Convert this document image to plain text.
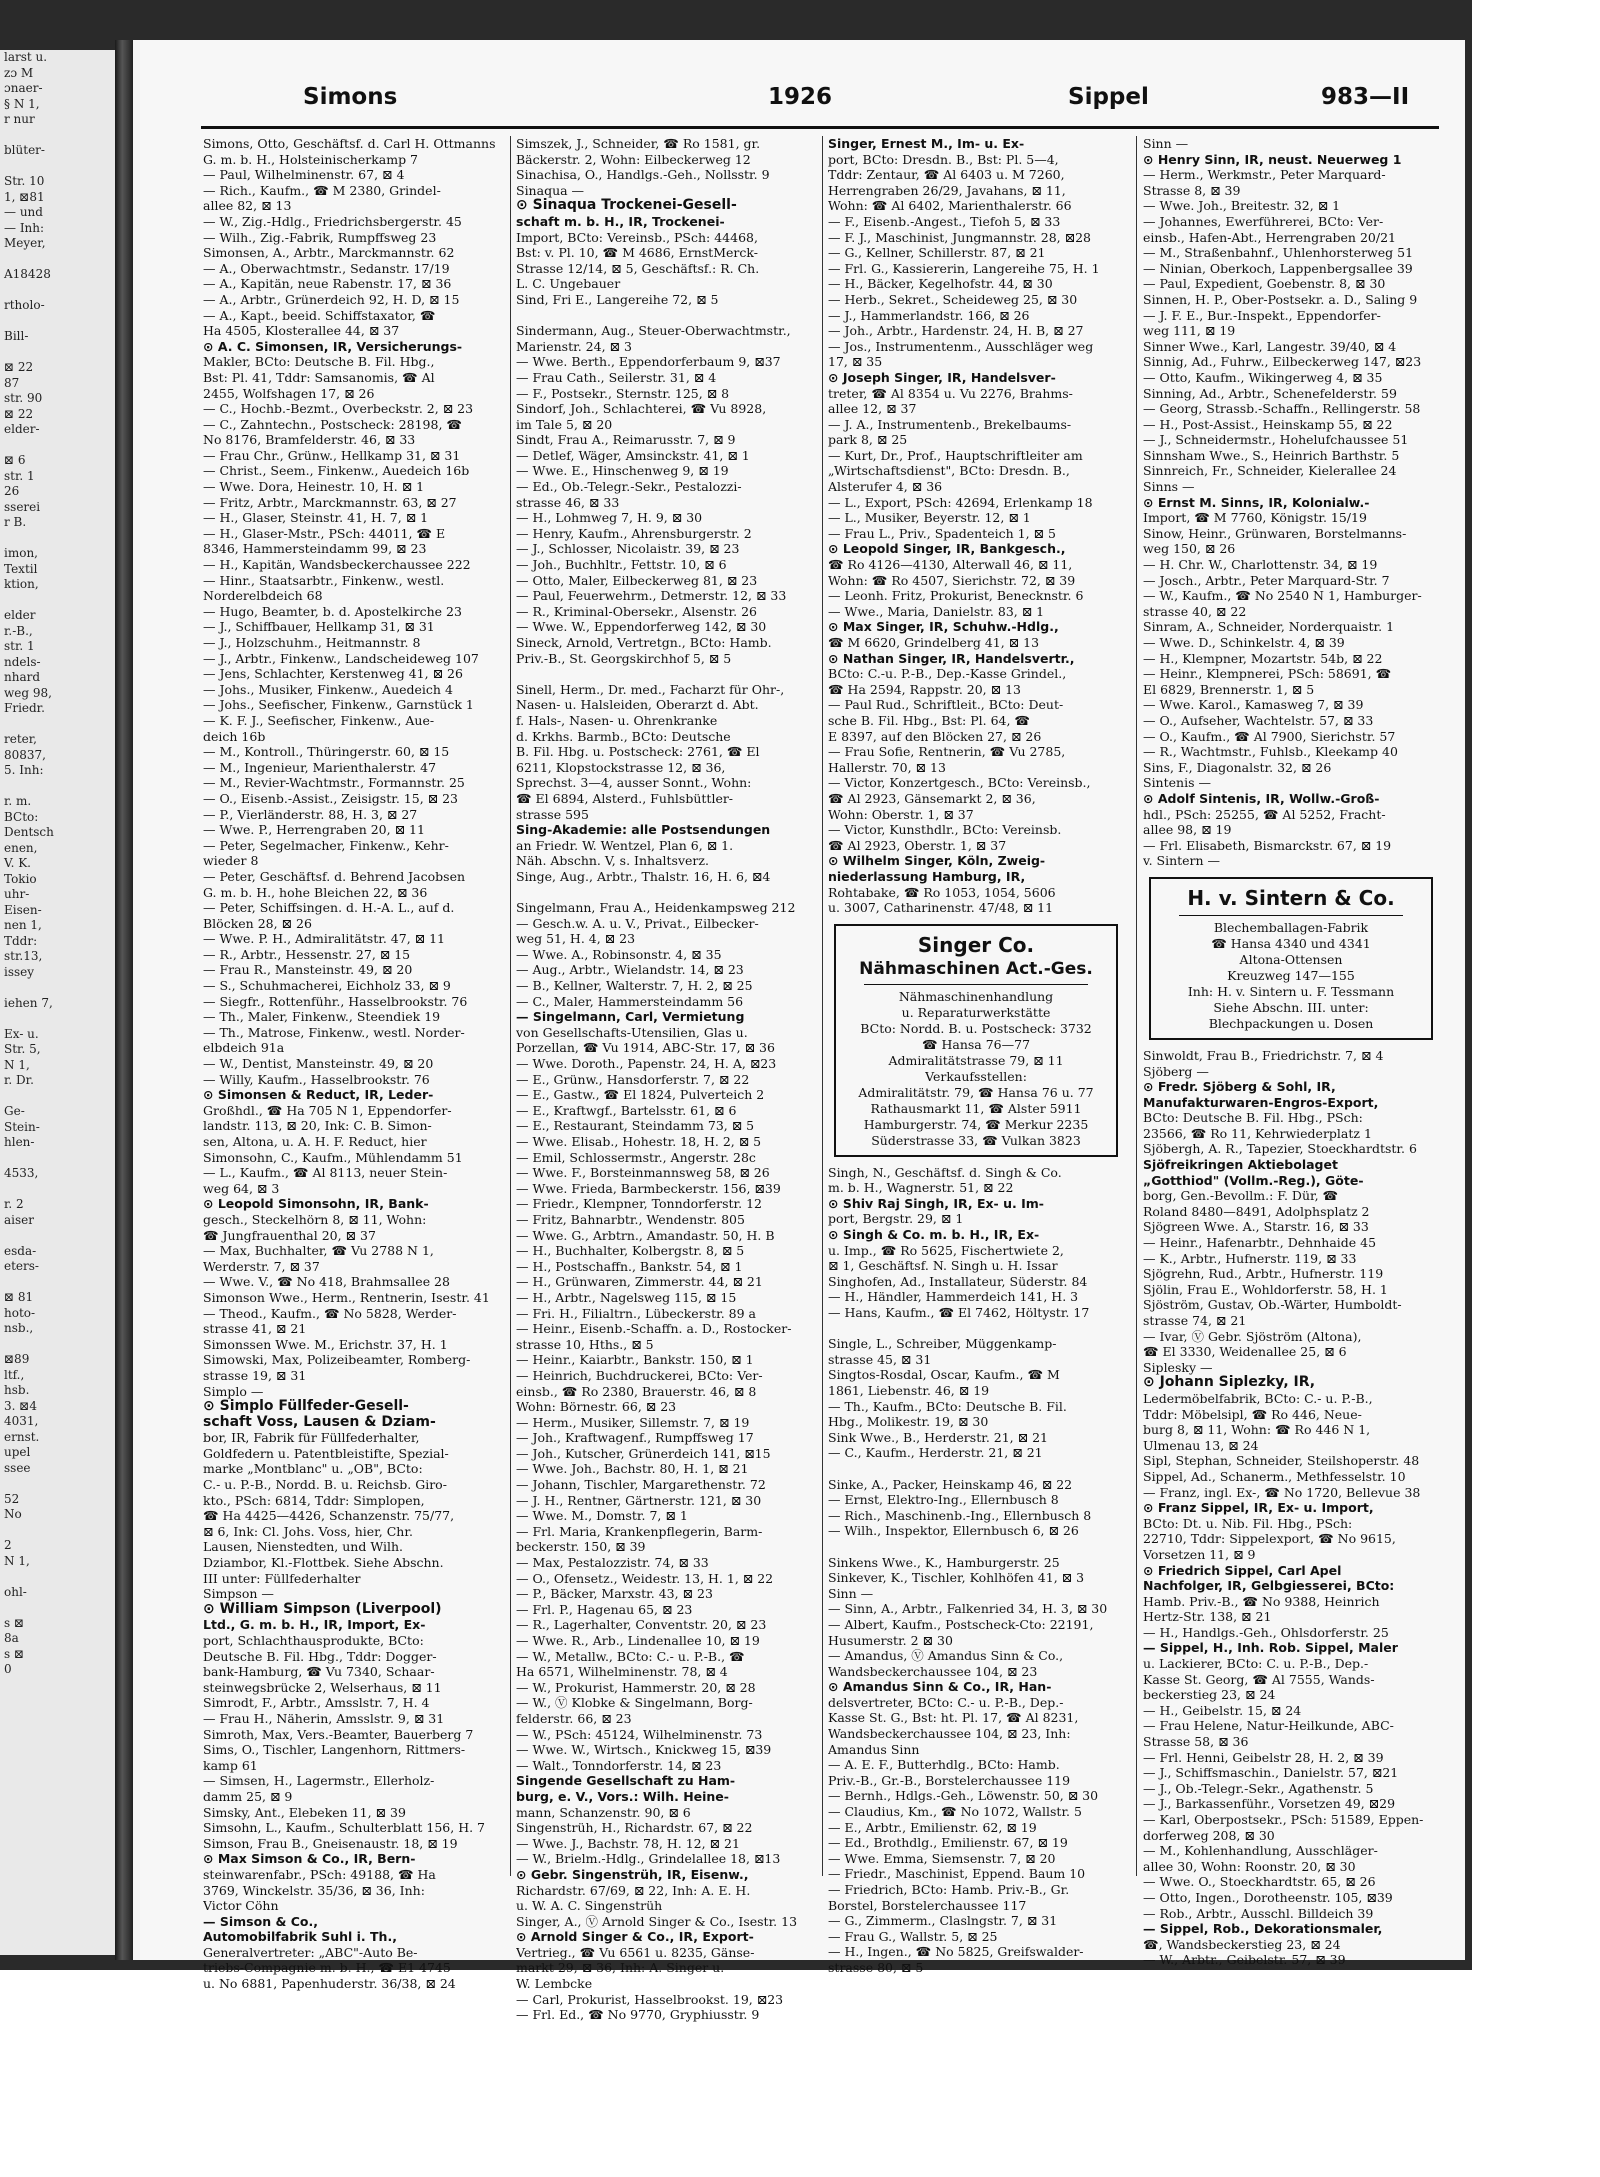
larst u.
zɔ M
ɔnaer-
§ N 1,
r nur

blüter-

Str. 10
1, ⊠81
— und
— Inh:
Meyer,

A18428

rtholo-

Bill-

⊠ 22
87
str. 90
⊠ 22
elder-

⊠ 6
str. 1
26
sserei
r B.

imon,
Textil
ktion,

elder
r.-B.,
str. 1
ndels-
nhard
weg 98,
Friedr.

reter,
80837,
5. Inh:

r. m.
BCto:
Dentsch
enen,
V. K.
Tokio
uhr-
Eisen-
nen 1,
Tddr:
str.13,
issey

iehen 7,

Ex- u.
Str. 5,
N 1,
r. Dr.

Ge-
Stein-
hlen-

4533,

r. 2
aiser

esda-
eters-

⊠ 81
hoto-
nsb.,

⊠89
ltf.,
hsb.
3. ⊠4
4031,
ernst.
upel
ssee

52
No

2
N 1,

ohl-

s ⊠
8a
s ⊠
0
Simons	1926	Sippel	983—II
Simons, Otto, Geschäftsf. d. Carl H. Ottmanns
G. m. b. H., Holsteinischerkamp 7
— Paul, Wilhelminenstr. 67, ⊠ 4
— Rich., Kaufm., ☎ M 2380, Grindel-
allee 82, ⊠ 13
— W., Zig.-Hdlg., Friedrichsbergerstr. 45
— Wilh., Zig.-Fabrik, Rumpffsweg 23
Simonsen, A., Arbtr., Marckmannstr. 62
— A., Oberwachtmstr., Sedanstr. 17/19
— A., Kapitän, neue Rabenstr. 17, ⊠ 36
— A., Arbtr., Grünerdeich 92, H. D, ⊠ 15
— A., Kapt., beeid. Schiffstaxator, ☎
Ha 4505, Klosterallee 44, ⊠ 37
⊙ A. C. Simonsen, IR, Versicherungs-
Makler, BCto: Deutsche B. Fil. Hbg.,
Bst: Pl. 41, Tddr: Samsanomis, ☎ Al
2455, Wolfshagen 17, ⊠ 26
— C., Hochb.-Bezmt., Overbeckstr. 2, ⊠ 23
— C., Zahntechn., Postscheck: 28198, ☎
No 8176, Bramfelderstr. 46, ⊠ 33
— Frau Chr., Grünw., Hellkamp 31, ⊠ 31
— Christ., Seem., Finkenw., Auedeich 16b
— Wwe. Dora, Heinestr. 10, H. ⊠ 1
— Fritz, Arbtr., Marckmannstr. 63, ⊠ 27
— H., Glaser, Steinstr. 41, H. 7, ⊠ 1
— H., Glaser-Mstr., PSch: 44011, ☎ E
8346, Hammersteindamm 99, ⊠ 23
— H., Kapitän, Wandsbeckerchaussee 222
— Hinr., Staatsarbtr., Finkenw., westl.
Norderelbdeich 68
— Hugo, Beamter, b. d. Apostelkirche 23
— J., Schiffbauer, Hellkamp 31, ⊠ 31
— J., Holzschuhm., Heitmannstr. 8
— J., Arbtr., Finkenw., Landscheideweg 107
— Jens, Schlachter, Kerstenweg 41, ⊠ 26
— Johs., Musiker, Finkenw., Auedeich 4
— Johs., Seefischer, Finkenw., Garnstück 1
— K. F. J., Seefischer, Finkenw., Aue-
deich 16b
— M., Kontroll., Thüringerstr. 60, ⊠ 15
— M., Ingenieur, Marienthalerstr. 47
— M., Revier-Wachtmstr., Formannstr. 25
— O., Eisenb.-Assist., Zeisigstr. 15, ⊠ 23
— P., Vierländerstr. 88, H. 3, ⊠ 27
— Wwe. P., Herrengraben 20, ⊠ 11
— Peter, Segelmacher, Finkenw., Kehr-
wieder 8
— Peter, Geschäftsf. d. Behrend Jacobsen
G. m. b. H., hohe Bleichen 22, ⊠ 36
— Peter, Schiffsingen. d. H.-A. L., auf d.
Blöcken 28, ⊠ 26
— Wwe. P. H., Admiralitätstr. 47, ⊠ 11
— R., Arbtr., Hessenstr. 27, ⊠ 15
— Frau R., Mansteinstr. 49, ⊠ 20
— S., Schuhmacherei, Eichholz 33, ⊠ 9
— Siegfr., Rottenführ., Hasselbrookstr. 76
— Th., Maler, Finkenw., Steendiek 19
— Th., Matrose, Finkenw., westl. Norder-
elbdeich 91a
— W., Dentist, Mansteinstr. 49, ⊠ 20
— Willy, Kaufm., Hasselbrookstr. 76
⊙ Simonsen & Reduct, IR, Leder-
Großhdl., ☎ Ha 705 N 1, Eppendorfer-
landstr. 113, ⊠ 20, Ink: C. B. Simon-
sen, Altona, u. A. H. F. Reduct, hier
Simonsohn, C., Kaufm., Mühlendamm 51
— L., Kaufm., ☎ Al 8113, neuer Stein-
weg 64, ⊠ 3
⊙ Leopold Simonsohn, IR, Bank-
gesch., Steckelhörn 8, ⊠ 11, Wohn:
☎ Jungfrauenthal 20, ⊠ 37
— Max, Buchhalter, ☎ Vu 2788 N 1,
Werderstr. 7, ⊠ 37
— Wwe. V., ☎ No 418, Brahmsallee 28
Simonson Wwe., Herm., Rentnerin, Isestr. 41
— Theod., Kaufm., ☎ No 5828, Werder-
strasse 41, ⊠ 21
Simonssen Wwe. M., Erichstr. 37, H. 1
Simowski, Max, Polizeibeamter, Romberg-
strasse 19, ⊠ 31
Simplo —
⊙ Simplo Füllfeder-Gesell-
schaft Voss, Lausen & Dziam-
bor, IR, Fabrik für Füllfederhalter,
Goldfedern u. Patentbleistifte, Spezial-
marke „Montblanc" u. „OB", BCto:
C.- u. P.-B., Nordd. B. u. Reichsb. Giro-
kto., PSch: 6814, Tddr: Simplopen,
☎ Ha 4425—4426, Schanzenstr. 75/77,
⊠ 6, Ink: Cl. Johs. Voss, hier, Chr.
Lausen, Nienstedten, und Wilh.
Dziambor, Kl.-Flottbek. Siehe Abschn.
III unter: Füllfederhalter
Simpson —
⊙ William Simpson (Liverpool)
Ltd., G. m. b. H., IR, Import, Ex-
port, Schlachthausprodukte, BCto:
Deutsche B. Fil. Hbg., Tddr: Dogger-
bank-Hamburg, ☎ Vu 7340, Schaar-
steinwegsbrücke 2, Welserhaus, ⊠ 11
Simrodt, F., Arbtr., Amsslstr. 7, H. 4
— Frau H., Näherin, Amsslstr. 9, ⊠ 31
Simroth, Max, Vers.-Beamter, Bauerberg 7
Sims, O., Tischler, Langenhorn, Rittmers-
kamp 61
— Simsen, H., Lagermstr., Ellerholz-
damm 25, ⊠ 9
Simsky, Ant., Elebeken 11, ⊠ 39
Simsohn, L., Kaufm., Schulterblatt 156, H. 7
Simson, Frau B., Gneisenaustr. 18, ⊠ 19
⊙ Max Simson & Co., IR, Bern-
steinwarenfabr., PSch: 49188, ☎ Ha
3769, Winckelstr. 35/36, ⊠ 36, Inh:
Victor Cöhn
— Simson & Co.,
Automobilfabrik Suhl i. Th.,
Generalvertreter: „ABC"-Auto Be-
triebs-Compagnie m. b. H., ☎ E1 4745
u. No 6881, Papenhuderstr. 36/38, ⊠ 24
Simszek, J., Schneider, ☎ Ro 1581, gr.
Bäckerstr. 2, Wohn: Eilbeckerweg 12
Sinachisa, O., Handlgs.-Geh., Nollsstr. 9
Sinaqua —
⊙ Sinaqua Trockenei-Gesell-
schaft m. b. H., IR, Trockenei-
Import, BCto: Vereinsb., PSch: 44468,
Bst: v. Pl. 10, ☎ M 4686, ErnstMerck-
Strasse 12/14, ⊠ 5, Geschäftsf.: R. Ch.
L. C. Ungebauer
Sind, Fri E., Langereihe 72, ⊠ 5

Sindermann, Aug., Steuer-Oberwachtmstr.,
Marienstr. 24, ⊠ 3
— Wwe. Berth., Eppendorferbaum 9, ⊠37
— Frau Cath., Seilerstr. 31, ⊠ 4
— F., Postsekr., Sternstr. 125, ⊠ 8
Sindorf, Joh., Schlachterei, ☎ Vu 8928,
im Tale 5, ⊠ 20
Sindt, Frau A., Reimarusstr. 7, ⊠ 9
— Detlef, Wäger, Amsinckstr. 41, ⊠ 1
— Wwe. E., Hinschenweg 9, ⊠ 19
— Ed., Ob.-Telegr.-Sekr., Pestalozzi-
strasse 46, ⊠ 33
— H., Lohmweg 7, H. 9, ⊠ 30
— Henry, Kaufm., Ahrensburgerstr. 2
— J., Schlosser, Nicolaistr. 39, ⊠ 23
— Joh., Buchhltr., Fettstr. 10, ⊠ 6
— Otto, Maler, Eilbeckerweg 81, ⊠ 23
— Paul, Feuerwehrm., Detmerstr. 12, ⊠ 33
— R., Kriminal-Obersekr., Alsenstr. 26
— Wwe. W., Eppendorferweg 142, ⊠ 30
Sineck, Arnold, Vertretgn., BCto: Hamb.
Priv.-B., St. Georgskirchhof 5, ⊠ 5

Sinell, Herm., Dr. med., Facharzt für Ohr-,
Nasen- u. Halsleiden, Oberarzt d. Abt.
f. Hals-, Nasen- u. Ohrenkranke
d. Krkhs. Barmb., BCto: Deutsche
B. Fil. Hbg. u. Postscheck: 2761, ☎ El
6211, Klopstockstrasse 12, ⊠ 36,
Sprechst. 3—4, ausser Sonnt., Wohn:
☎ El 6894, Alsterd., Fuhlsbüttler-
strasse 595
Sing-Akademie: alle Postsendungen
an Friedr. W. Wentzel, Plan 6, ⊠ 1.
Näh. Abschn. V, s. Inhaltsverz.
Singe, Aug., Arbtr., Thalstr. 16, H. 6, ⊠4

Singelmann, Frau A., Heidenkampsweg 212
— Gesch.w. A. u. V., Privat., Eilbecker-
weg 51, H. 4, ⊠ 23
— Wwe. A., Robinsonstr. 4, ⊠ 35
— Aug., Arbtr., Wielandstr. 14, ⊠ 23
— B., Kellner, Walterstr. 7, H. 2, ⊠ 25
— C., Maler, Hammersteindamm 56
— Singelmann, Carl, Vermietung
von Gesellschafts-Utensilien, Glas u.
Porzellan, ☎ Vu 1914, ABC-Str. 17, ⊠ 36
— Wwe. Doroth., Papenstr. 24, H. A, ⊠23
— E., Grünw., Hansdorferstr. 7, ⊠ 22
— E., Gastw., ☎ El 1824, Pulverteich 2
— E., Kraftwgf., Bartelsstr. 61, ⊠ 6
— E., Restaurant, Steindamm 73, ⊠ 5
— Wwe. Elisab., Hohestr. 18, H. 2, ⊠ 5
— Emil, Schlossermstr., Angerstr. 28c
— Wwe. F., Borsteinmannsweg 58, ⊠ 26
— Wwe. Frieda, Barmbeckerstr. 156, ⊠39
— Friedr., Klempner, Tonndorferstr. 12
— Fritz, Bahnarbtr., Wendenstr. 805
— Wwe. G., Arbtrn., Amandastr. 50, H. B
— H., Buchhalter, Kolbergstr. 8, ⊠ 5
— H., Postschaffn., Bankstr. 54, ⊠ 1
— H., Grünwaren, Zimmerstr. 44, ⊠ 21
— H., Arbtr., Nagelsweg 115, ⊠ 15
— Fri. H., Filialtrn., Lübeckerstr. 89 a
— Heinr., Eisenb.-Schaffn. a. D., Rostocker-
strasse 10, Hths., ⊠ 5
— Heinr., Kaiarbtr., Bankstr. 150, ⊠ 1
— Heinrich, Buchdruckerei, BCto: Ver-
einsb., ☎ Ro 2380, Brauerstr. 46, ⊠ 8
Wohn: Börnestr. 66, ⊠ 23
— Herm., Musiker, Sillemstr. 7, ⊠ 19
— Joh., Kraftwagenf., Rumpffsweg 17
— Joh., Kutscher, Grünerdeich 141, ⊠15
— Wwe. Joh., Bachstr. 80, H. 1, ⊠ 21
— Johann, Tischler, Margarethenstr. 72
— J. H., Rentner, Gärtnerstr. 121, ⊠ 30
— Wwe. M., Domstr. 7, ⊠ 1
— Frl. Maria, Krankenpflegerin, Barm-
beckerstr. 150, ⊠ 39
— Max, Pestalozzistr. 74, ⊠ 33
— O., Ofensetz., Weidestr. 13, H. 1, ⊠ 22
— P., Bäcker, Marxstr. 43, ⊠ 23
— Frl. P., Hagenau 65, ⊠ 23
— R., Lagerhalter, Conventstr. 20, ⊠ 23
— Wwe. R., Arb., Lindenallee 10, ⊠ 19
— W., Metallw., BCto: C.- u. P.-B., ☎
Ha 6571, Wilhelminenstr. 78, ⊠ 4
— W., Prokurist, Hammerstr. 20, ⊠ 28
— W., Ⓥ Klobke & Singelmann, Borg-
felderstr. 66, ⊠ 23
— W., PSch: 45124, Wilhelminenstr. 73
— Wwe. W., Wirtsch., Knickweg 15, ⊠39
— Walt., Tonndorferstr. 14, ⊠ 23
Singende Gesellschaft zu Ham-
burg, e. V., Vors.: Wilh. Heine-
mann, Schanzenstr. 90, ⊠ 6
Singenstrüh, H., Richardstr. 67, ⊠ 22
— Wwe. J., Bachstr. 78, H. 12, ⊠ 21
— W., Brielm.-Hdlg., Grindelallee 18, ⊠13
⊙ Gebr. Singenstrüh, IR, Eisenw.,
Richardstr. 67/69, ⊠ 22, Inh: A. E. H.
u. W. A. C. Singenstrüh
Singer, A., Ⓥ Arnold Singer & Co., Isestr. 13
⊙ Arnold Singer & Co., IR, Export-
Vertrieg., ☎ Vu 6561 u. 8235, Gänse-
markt 29, ⊠ 36, Inh: A. Singer u.
W. Lembcke
— Carl, Prokurist, Hasselbrookst. 19, ⊠23
— Frl. Ed., ☎ No 9770, Gryphiusstr. 9
Singer, Ernest M., Im- u. Ex-
port, BCto: Dresdn. B., Bst: Pl. 5—4,
Tddr: Zentaur, ☎ Al 6403 u. M 7260,
Herrengraben 26/29, Javahans, ⊠ 11,
Wohn: ☎ Al 6402, Marienthalerstr. 66
— F., Eisenb.-Angest., Tiefoh 5, ⊠ 33
— F. J., Maschinist, Jungmannstr. 28, ⊠28
— G., Kellner, Schillerstr. 87, ⊠ 21
— Frl. G., Kassiererin, Langereihe 75, H. 1
— H., Bäcker, Kegelhofstr. 44, ⊠ 30
— Herb., Sekret., Scheideweg 25, ⊠ 30
— J., Hammerlandstr. 166, ⊠ 26
— Joh., Arbtr., Hardenstr. 24, H. B, ⊠ 27
— Jos., Instrumentenm., Ausschläger weg
17, ⊠ 35
⊙ Joseph Singer, IR, Handelsver-
treter, ☎ Al 8354 u. Vu 2276, Brahms-
allee 12, ⊠ 37
— J. A., Instrumentenb., Brekelbaums-
park 8, ⊠ 25
— Kurt, Dr., Prof., Hauptschriftleiter am
„Wirtschaftsdienst", BCto: Dresdn. B.,
Alsterufer 4, ⊠ 36
— L., Export, PSch: 42694, Erlenkamp 18
— L., Musiker, Beyerstr. 12, ⊠ 1
— Frau L., Priv., Spadenteich 1, ⊠ 5
⊙ Leopold Singer, IR, Bankgesch.,
☎ Ro 4126—4130, Alterwall 46, ⊠ 11,
Wohn: ☎ Ro 4507, Sierichstr. 72, ⊠ 39
— Leonh. Fritz, Prokurist, Benecknstr. 6
— Wwe., Maria, Danielstr. 83, ⊠ 1
⊙ Max Singer, IR, Schuhw.-Hdlg.,
☎ M 6620, Grindelberg 41, ⊠ 13
⊙ Nathan Singer, IR, Handelsvertr.,
BCto: C.-u. P.-B., Dep.-Kasse Grindel.,
☎ Ha 2594, Rappstr. 20, ⊠ 13
— Paul Rud., Schriftleit., BCto: Deut-
sche B. Fil. Hbg., Bst: Pl. 64, ☎
E 8397, auf den Blöcken 27, ⊠ 26
— Frau Sofie, Rentnerin, ☎ Vu 2785,
Hallerstr. 70, ⊠ 13
— Victor, Konzertgesch., BCto: Vereinsb.,
☎ Al 2923, Gänsemarkt 2, ⊠ 36,
Wohn: Oberstr. 1, ⊠ 37
— Victor, Kunsthdlr., BCto: Vereinsb.
☎ Al 2923, Oberstr. 1, ⊠ 37
⊙ Wilhelm Singer, Köln, Zweig-
niederlassung Hamburg, IR,
Rohtabake, ☎ Ro 1053, 1054, 5606
u. 3007, Catharinenstr. 47/48, ⊠ 11
Singer Co.
Nähmaschinen Act.-Ges.
Nähmaschinenhandlung
u. Reparaturwerkstätte
BCto: Nordd. B. u. Postscheck: 3732
☎ Hansa 76—77
Admiralitätstrasse 79, ⊠ 11
Verkaufsstellen:
Admiralitätstr. 79, ☎ Hansa 76 u. 77
Rathausmarkt 11, ☎ Alster 5911
Hamburgerstr. 74, ☎ Merkur 2235
Süderstrasse 33, ☎ Vulkan 3823
Singh, N., Geschäftsf. d. Singh & Co.
m. b. H., Wagnerstr. 51, ⊠ 22
⊙ Shiv Raj Singh, IR, Ex- u. Im-
port, Bergstr. 29, ⊠ 1
⊙ Singh & Co. m. b. H., IR, Ex-
u. Imp., ☎ Ro 5625, Fischertwiete 2,
⊠ 1, Geschäftsf. N. Singh u. H. Issar
Singhofen, Ad., Installateur, Süderstr. 84
— H., Händler, Hammerdeich 141, H. 3
— Hans, Kaufm., ☎ El 7462, Höltystr. 17

Single, L., Schreiber, Müggenkamp-
strasse 45, ⊠ 31
Singtos-Rosdal, Oscar, Kaufm., ☎ M
1861, Liebenstr. 46, ⊠ 19
— Th., Kaufm., BCto: Deutsche B. Fil.
Hbg., Molikestr. 19, ⊠ 30
Sink Wwe., B., Herderstr. 21, ⊠ 21
— C., Kaufm., Herderstr. 21, ⊠ 21

Sinke, A., Packer, Heinskamp 46, ⊠ 22
— Ernst, Elektro-Ing., Ellernbusch 8
— Rich., Maschinenb.-Ing., Ellernbusch 8
— Wilh., Inspektor, Ellernbusch 6, ⊠ 26

Sinkens Wwe., K., Hamburgerstr. 25
Sinkever, K., Tischler, Kohlhöfen 41, ⊠ 3
Sinn —
— Sinn, A., Arbtr., Falkenried 34, H. 3, ⊠ 30
— Albert, Kaufm., Postscheck-Cto: 22191,
Husumerstr. 2 ⊠ 30
— Amandus, Ⓥ Amandus Sinn & Co.,
Wandsbeckerchaussee 104, ⊠ 23
⊙ Amandus Sinn & Co., IR, Han-
delsvertreter, BCto: C.- u. P.-B., Dep.-
Kasse St. G., Bst: ht. Pl. 17, ☎ Al 8231,
Wandsbeckerchaussee 104, ⊠ 23, Inh:
Amandus Sinn
— A. E. F., Butterhdlg., BCto: Hamb.
Priv.-B., Gr.-B., Borstelerchaussee 119
— Bernh., Hdlgs.-Geh., Löwenstr. 50, ⊠ 30
— Claudius, Km., ☎ No 1072, Wallstr. 5
— E., Arbtr., Emilienstr. 62, ⊠ 19
— Ed., Brothdlg., Emilienstr. 67, ⊠ 19
— Wwe. Emma, Siemsenstr. 7, ⊠ 20
— Friedr., Maschinist, Eppend. Baum 10
— Friedrich, BCto: Hamb. Priv.-B., Gr.
Borstel, Borstelerchaussee 117
— G., Zimmerm., Claslngstr. 7, ⊠ 31
— Frau G., Wallstr. 5, ⊠ 25
— H., Ingen., ☎ No 5825, Greifswalder-
strasse 80, ⊠ 5
Sinn —
⊙ Henry Sinn, IR, neust. Neuerweg 1
— Herm., Werkmstr., Peter Marquard-
Strasse 8, ⊠ 39
— Wwe. Joh., Breitestr. 32, ⊠ 1
— Johannes, Ewerführerei, BCto: Ver-
einsb., Hafen-Abt., Herrengraben 20/21
— M., Straßenbahnf., Uhlenhorsterweg 51
— Ninian, Oberkoch, Lappenbergsallee 39
— Paul, Expedient, Goebenstr. 8, ⊠ 30
Sinnen, H. P., Ober-Postsekr. a. D., Saling 9
— J. F. E., Bur.-Inspekt., Eppendorfer-
weg 111, ⊠ 19
Sinner Wwe., Karl, Langestr. 39/40, ⊠ 4
Sinnig, Ad., Fuhrw., Eilbeckerweg 147, ⊠23
— Otto, Kaufm., Wikingerweg 4, ⊠ 35
Sinning, Ad., Arbtr., Schenefelderstr. 59
— Georg, Strassb.-Schaffn., Rellingerstr. 58
— H., Post-Assist., Heinskamp 55, ⊠ 22
— J., Schneidermstr., Hohelufchaussee 51
Sinnsham Wwe., S., Heinrich Barthstr. 5
Sinnreich, Fr., Schneider, Kielerallee 24
Sinns —
⊙ Ernst M. Sinns, IR, Kolonialw.-
Import, ☎ M 7760, Königstr. 15/19
Sinow, Heinr., Grünwaren, Borstelmanns-
weg 150, ⊠ 26
— H. Chr. W., Charlottenstr. 34, ⊠ 19
— Josch., Arbtr., Peter Marquard-Str. 7
— W., Kaufm., ☎ No 2540 N 1, Hamburger-
strasse 40, ⊠ 22
Sinram, A., Schneider, Norderquaistr. 1
— Wwe. D., Schinkelstr. 4, ⊠ 39
— H., Klempner, Mozartstr. 54b, ⊠ 22
— Heinr., Klempnerei, PSch: 58691, ☎
El 6829, Brennerstr. 1, ⊠ 5
— Wwe. Karol., Kamasweg 7, ⊠ 39
— O., Aufseher, Wachtelstr. 57, ⊠ 33
— O., Kaufm., ☎ Al 7900, Sierichstr. 57
— R., Wachtmstr., Fuhlsb., Kleekamp 40
Sins, F., Diagonalstr. 32, ⊠ 26
Sintenis —
⊙ Adolf Sintenis, IR, Wollw.-Groß-
hdl., PSch: 25255, ☎ Al 5252, Fracht-
allee 98, ⊠ 19
— Frl. Elisabeth, Bismarckstr. 67, ⊠ 19
v. Sintern —
H. v. Sintern & Co.
Blechemballagen-Fabrik
☎ Hansa 4340 und 4341
Altona-Ottensen
Kreuzweg 147—155
Inh: H. v. Sintern u. F. Tessmann
Siehe Abschn. III. unter:
Blechpackungen u. Dosen
Sinwoldt, Frau B., Friedrichstr. 7, ⊠ 4
Sjöberg —
⊙ Fredr. Sjöberg & Sohl, IR,
Manufakturwaren-Engros-Export,
BCto: Deutsche B. Fil. Hbg., PSch:
23566, ☎ Ro 11, Kehrwiederplatz 1
Sjöbergh, A. R., Tapezier, Stoeckhardtstr. 6
Sjöfreikringen Aktiebolaget
„Gotthiod" (Vollm.-Reg.), Göte-
borg, Gen.-Bevollm.: F. Dür, ☎
Roland 8480—8491, Adolphsplatz 2
Sjögreen Wwe. A., Starstr. 16, ⊠ 33
— Heinr., Hafenarbtr., Dehnhaide 45
— K., Arbtr., Hufnerstr. 119, ⊠ 33
Sjögrehn, Rud., Arbtr., Hufnerstr. 119
Sjölin, Frau E., Wohldorferstr. 58, H. 1
Sjöström, Gustav, Ob.-Wärter, Humboldt-
strasse 74, ⊠ 21
— Ivar, Ⓥ Gebr. Sjöström (Altona),
☎ El 3330, Weidenallee 25, ⊠ 6
Siplesky —
⊙ Johann Siplezky, IR,
Ledermöbelfabrik, BCto: C.- u. P.-B.,
Tddr: Möbelsipl, ☎ Ro 446, Neue-
burg 8, ⊠ 11, Wohn: ☎ Ro 446 N 1,
Ulmenau 13, ⊠ 24
Sipl, Stephan, Schneider, Steilshoperstr. 48
Sippel, Ad., Schanerm., Methfesselstr. 10
— Franz, ingl. Ex-, ☎ No 1720, Bellevue 38
⊙ Franz Sippel, IR, Ex- u. Import,
BCto: Dt. u. Nib. Fil. Hbg., PSch:
22710, Tddr: Sippelexport, ☎ No 9615,
Vorsetzen 11, ⊠ 9
⊙ Friedrich Sippel, Carl Apel
Nachfolger, IR, Gelbgiesserei, BCto:
Hamb. Priv.-B., ☎ No 9388, Heinrich
Hertz-Str. 138, ⊠ 21
— H., Handlgs.-Geh., Ohlsdorferstr. 25
— Sippel, H., Inh. Rob. Sippel, Maler
u. Lackierer, BCto: C. u. P.-B., Dep.-
Kasse St. Georg, ☎ Al 7555, Wands-
beckerstieg 23, ⊠ 24
— H., Geibelstr. 15, ⊠ 24
— Frau Helene, Natur-Heilkunde, ABC-
Strasse 58, ⊠ 36
— Frl. Henni, Geibelstr 28, H. 2, ⊠ 39
— J., Schiffsmaschin., Danielstr. 57, ⊠21
— J., Ob.-Telegr.-Sekr., Agathenstr. 5
— J., Barkassenführ., Vorsetzen 49, ⊠29
— Karl, Oberpostsekr., PSch: 51589, Eppen-
dorferweg 208, ⊠ 30
— M., Kohlenhandlung, Ausschläger-
allee 30, Wohn: Roonstr. 20, ⊠ 30
— Wwe. O., Stoeckhardtstr. 65, ⊠ 26
— Otto, Ingen., Dorotheenstr. 105, ⊠39
— Rob., Arbtr., Ausschl. Billdeich 39
— Sippel, Rob., Dekorationsmaler,
☎, Wandsbeckerstieg 23, ⊠ 24
— W., Arbtr., Geibelstr. 57, ⊠ 39
